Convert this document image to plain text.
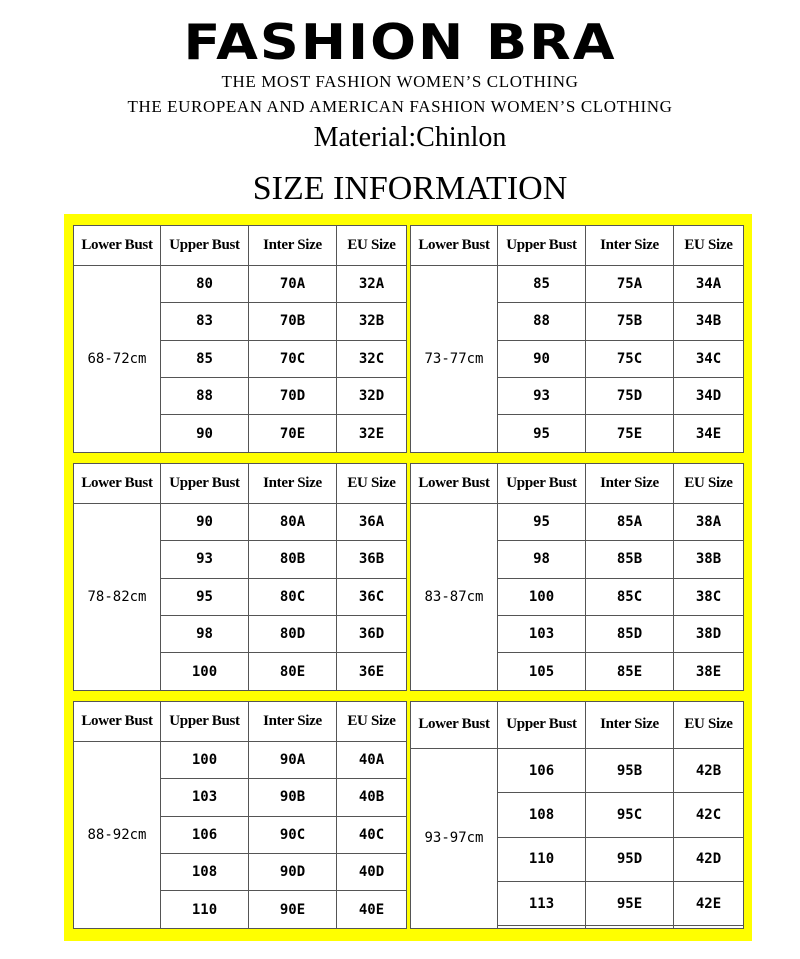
FASHION BRA
THE MOST FASHION WOMEN’S CLOTHING
THE EUROPEAN AND AMERICAN FASHION WOMEN’S CLOTHING
Material:Chinlon
SIZE INFORMATION
Lower Bust	Upper Bust	Inter Size	EU Size
68-72cm	80	70A	32A
	83	70B	32B
	85	70C	32C
	88	70D	32D
	90	70E	32E
Lower Bust	Upper Bust	Inter Size	EU Size
73-77cm	85	75A	34A
	88	75B	34B
	90	75C	34C
	93	75D	34D
	95	75E	34E
Lower Bust	Upper Bust	Inter Size	EU Size
78-82cm	90	80A	36A
	93	80B	36B
	95	80C	36C
	98	80D	36D
	100	80E	36E
Lower Bust	Upper Bust	Inter Size	EU Size
83-87cm	95	85A	38A
	98	85B	38B
	100	85C	38C
	103	85D	38D
	105	85E	38E
Lower Bust	Upper Bust	Inter Size	EU Size
88-92cm	100	90A	40A
	103	90B	40B
	106	90C	40C
	108	90D	40D
	110	90E	40E
Lower Bust	Upper Bust	Inter Size	EU Size
93-97cm	106	95B	42B
	108	95C	42C
	110	95D	42D
	113	95E	42E
